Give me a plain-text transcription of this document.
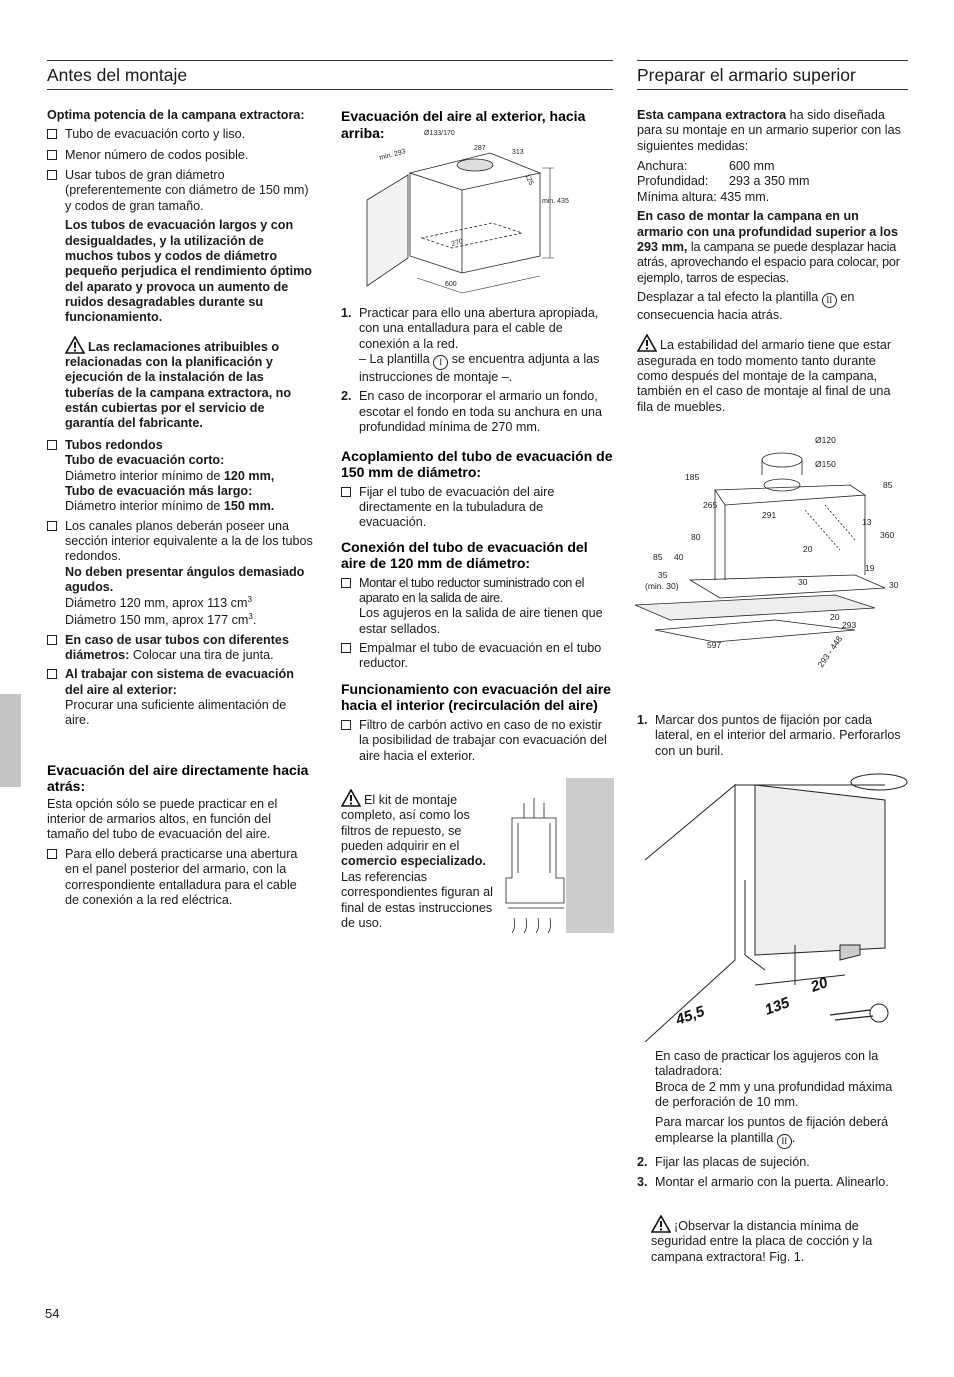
Antes del montaje	Preparar el armario superior

Optima potencia de la campana extractora:

Tubo de evacuación corto y liso.
Menor número de codos posible.
Usar tubos de gran diámetro (preferentemente con diámetro de 150 mm) y codos de gran tamaño.

Los tubos de evacuación largos y con desigualdades, y la utilización de muchos tubos y codos de diámetro pequeño perjudica el rendimiento óptimo del aparato y provoca un aumento de ruidos desagradables durante su funcionamiento.

Las reclamaciones atribuibles o relacionadas con la planificación y ejecución de la instalación de las tuberías de la campana extractora, no están cubiertas por el servicio de garantía del fabricante.

Tubos redondos
Tubo de evacuación corto:
Diámetro interior mínimo de 120 mm,
Tubo de evacuación más largo:
Diámetro interior mínimo de 150 mm.
Los canales planos deberán poseer una sección interior equivalente a la de los tubos redondos.
No deben presentar ángulos demasiado agudos.
Diámetro 120 mm, aprox 113 $cm^3$
Diámetro 150 mm, aprox 177 $cm^3$.
En caso de usar tubos con diferentes diámetros: Colocar una tira de junta.
Al trabajar con sistema de evacuación del aire al exterior:
Procurar una suficiente alimentación de aire.

Evacuación del aire directamente hacia atrás:

Esta opción sólo se puede practicar en el interior de armarios altos, en función del tamaño del tubo de evacuación del aire.

Para ello deberá practicarse una abertura en el panel posterior del armario, con la correspondiente entalladura para el cable de conexión a la red eléctrica.

Evacuación del aire al exterior, hacia arriba:	Ø133/170
287
313
min. 293
125
min. 435
270
600
1. Practicar para ello una abertura apropiada, con una entalladura para el cable de conexión a la red.
– La plantilla I se encuentra adjunta a las instrucciones de montaje –.
2. En caso de incorporar el armario un fondo, escotar el fondo en toda su anchura en una profundidad mínima de 270 mm.

Acoplamiento del tubo de evacuación de 150 mm de diámetro:

Fijar el tubo de evacuación del aire directamente en la tubuladura de evacuación.

Conexión del tubo de evacuación del aire de 120 mm de diámetro:

Montar el tubo reductor suministrado con el aparato en la salida de aire.
Los agujeros en la salida de aire tienen que estar sellados.
Empalmar el tubo de evacuación en el tubo reductor.

Funcionamiento con evacuación del aire hacia el interior (recirculación del aire)

Filtro de carbón activo en caso de no existir la posibilidad de trabajar con evacuación del aire hacia el exterior.
El kit de montaje completo, así como los filtros de repuesto, se pueden adquirir en el comercio especializado.
Las referencias correspondientes figuran al final de estas instrucciones de uso.

Esta campana extractora ha sido diseñada para su montaje en un armario superior con las siguientes medidas:

Anchura:	600 mm
Profundidad:	293 a 350 mm
Mínima altura: 435 mm.

En caso de montar la campana en un armario con una profundidad superior a los 293 mm, la campana se puede desplazar hacia atrás, aprovechando el espacio para colocar, por ejemplo, tarros de especias.

Desplazar a tal efecto la plantilla II en consecuencia hacia atrás.

La estabilidad del armario tiene que estar asegurada en todo momento tanto durante como después del montaje de la campana, también en el caso de montaje al final de una fila de muebles.

Ø120
Ø150
185
265
291
85
13
360
80
20
85 40
35
(min. 30)	30
19
30
20
293
597	293 - 448
1. Marcar dos puntos de fijación por cada lateral, en el interior del armario. Perforarlos con un buril.
45,5	135
20

En caso de practicar los agujeros con la taladradora:

Broca de 2 mm y una profundidad máxima de perforación de 10 mm.

Para marcar los puntos de fijación deberá emplearse la plantilla II .

2. Fijar las placas de sujeción.
3. Montar el armario con la puerta. Alinearlo.
¡Observar la distancia mínima de seguridad entre la placa de cocción y la campana extractora! Fig. 1.
54
